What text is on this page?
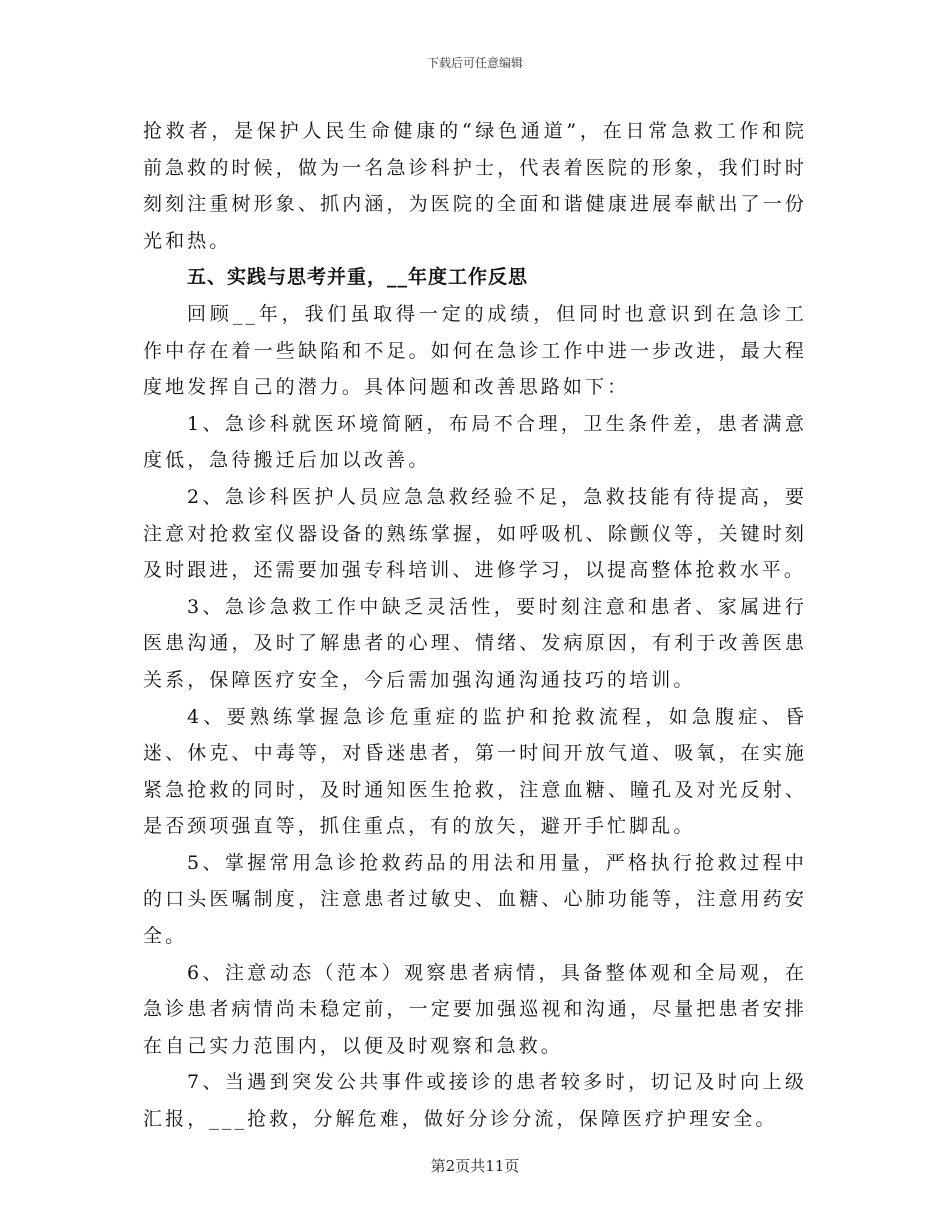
下载后可任意编辑

抢救者，是保护人民生命健康的“绿色通道”，在日常急救工作和院前急救的时候，做为一名急诊科护士，代表着医院的形象，我们时时刻刻注重树形象、抓内涵，为医院的全面和谐健康进展奉献出了一份光和热。

五、实践与思考并重，__年度工作反思

回顾__年，我们虽取得一定的成绩，但同时也意识到在急诊工作中存在着一些缺陷和不足。如何在急诊工作中进一步改进，最大程度地发挥自己的潜力。具体问题和改善思路如下：

1、急诊科就医环境简陋，布局不合理，卫生条件差，患者满意度低，急待搬迁后加以改善。

2、急诊科医护人员应急急救经验不足，急救技能有待提高，要注意对抢救室仪器设备的熟练掌握，如呼吸机、除颤仪等，关键时刻及时跟进，还需要加强专科培训、进修学习，以提高整体抢救水平。

3、急诊急救工作中缺乏灵活性，要时刻注意和患者、家属进行医患沟通，及时了解患者的心理、情绪、发病原因，有利于改善医患关系，保障医疗安全，今后需加强沟通沟通技巧的培训。

4、要熟练掌握急诊危重症的监护和抢救流程，如急腹症、昏迷、休克、中毒等，对昏迷患者，第一时间开放气道、吸氧，在实施紧急抢救的同时，及时通知医生抢救，注意血糖、瞳孔及对光反射、是否颈项强直等，抓住重点，有的放矢，避开手忙脚乱。

5、掌握常用急诊抢救药品的用法和用量，严格执行抢救过程中的口头医嘱制度，注意患者过敏史、血糖、心肺功能等，注意用药安全。

6、注意动态（范本）观察患者病情，具备整体观和全局观，在急诊患者病情尚未稳定前，一定要加强巡视和沟通，尽量把患者安排在自己实力范围内，以便及时观察和急救。

7、当遇到突发公共事件或接诊的患者较多时，切记及时向上级汇报，___抢救，分解危难，做好分诊分流，保障医疗护理安全。

第2页共11页
